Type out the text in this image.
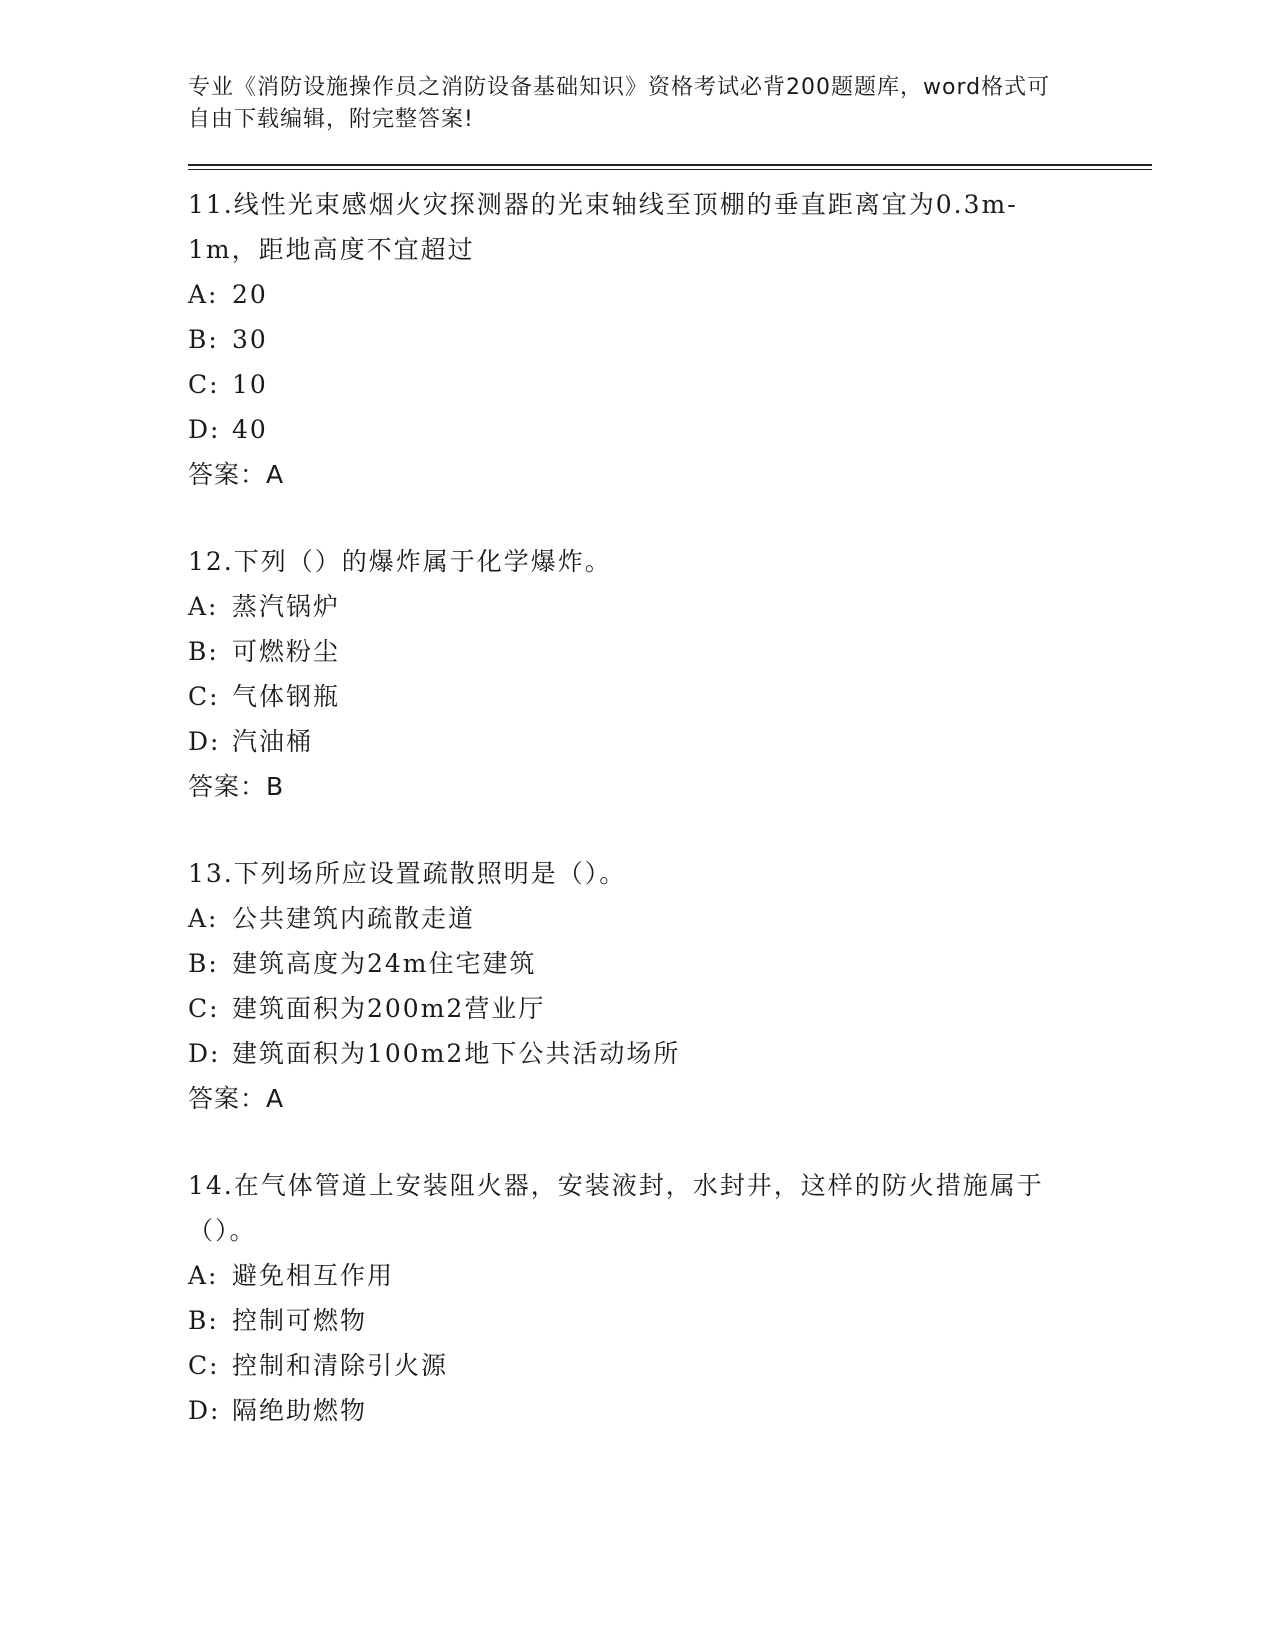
专业《消防设施操作员之消防设备基础知识》资格考试必背200题题库，word格式可自由下载编辑，附完整答案!
11.线性光束感烟火灾探测器的光束轴线至顶棚的垂直距离宜为0.3m-1m，距地高度不宜超过
A: 20
B: 30
C: 10
D: 40
答案：A
12.下列（）的爆炸属于化学爆炸。
A: 蒸汽锅炉
B: 可燃粉尘
C: 气体钢瓶
D: 汽油桶
答案：B
13.下列场所应设置疏散照明是（）。
A: 公共建筑内疏散走道
B: 建筑高度为24m住宅建筑
C: 建筑面积为200m2营业厅
D: 建筑面积为100m2地下公共活动场所
答案：A
14.在气体管道上安装阻火器，安装液封，水封井，这样的防火措施属于（）。
A: 避免相互作用
B: 控制可燃物
C: 控制和清除引火源
D: 隔绝助燃物
